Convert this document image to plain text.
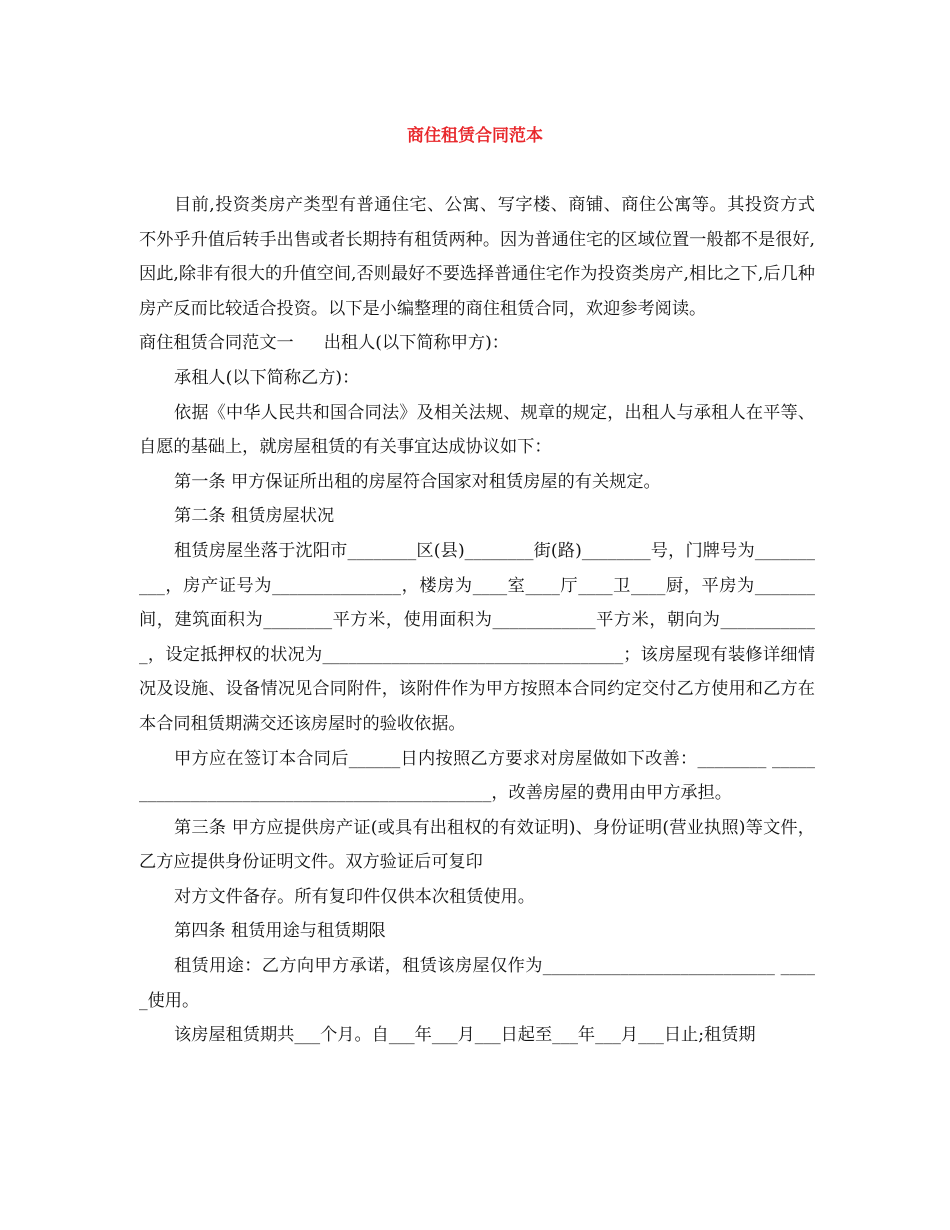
商住租赁合同范本

目前,投资类房产类型有普通住宅、公寓、写字楼、商铺、商住公寓等。其投资方式不外乎升值后转手出售或者长期持有租赁两种。因为普通住宅的区域位置一般都不是很好,因此,除非有很大的升值空间,否则最好不要选择普通住宅作为投资类房产,相比之下,后几种房产反而比较适合投资。以下是小编整理的商住租赁合同，欢迎参考阅读。

商住租赁合同范文一 出租人(以下简称甲方)：

承租人(以下简称乙方)：

依据《中华人民共和国合同法》及相关法规、规章的规定，出租人与承租人在平等、自愿的基础上，就房屋租赁的有关事宜达成协议如下：

第一条 甲方保证所出租的房屋符合国家对租赁房屋的有关规定。

第二条 租赁房屋状况

租赁房屋坐落于沈阳市________区(县)________街(路)________号，门牌号为__________，房产证号为_______________，楼房为____室____厅____卫____厨，平房为_______间，建筑面积为________平方米，使用面积为____________平方米，朝向为____________，设定抵押权的状况为___________________________________；该房屋现有装修详细情况及设施、设备情况见合同附件，该附件作为甲方按照本合同约定交付乙方使用和乙方在本合同租赁期满交还该房屋时的验收依据。

甲方应在签订本合同后______日内按照乙方要求对房屋做如下改善：________ ______________________________________________，改善房屋的费用由甲方承担。

第三条 甲方应提供房产证(或具有出租权的有效证明)、身份证明(营业执照)等文件，乙方应提供身份证明文件。双方验证后可复印

对方文件备存。所有复印件仅供本次租赁使用。

第四条 租赁用途与租赁期限

租赁用途：乙方向甲方承诺，租赁该房屋仅作为___________________________ _____使用。

该房屋租赁期共___个月。自___年___月___日起至___年___月___日止;租赁期
